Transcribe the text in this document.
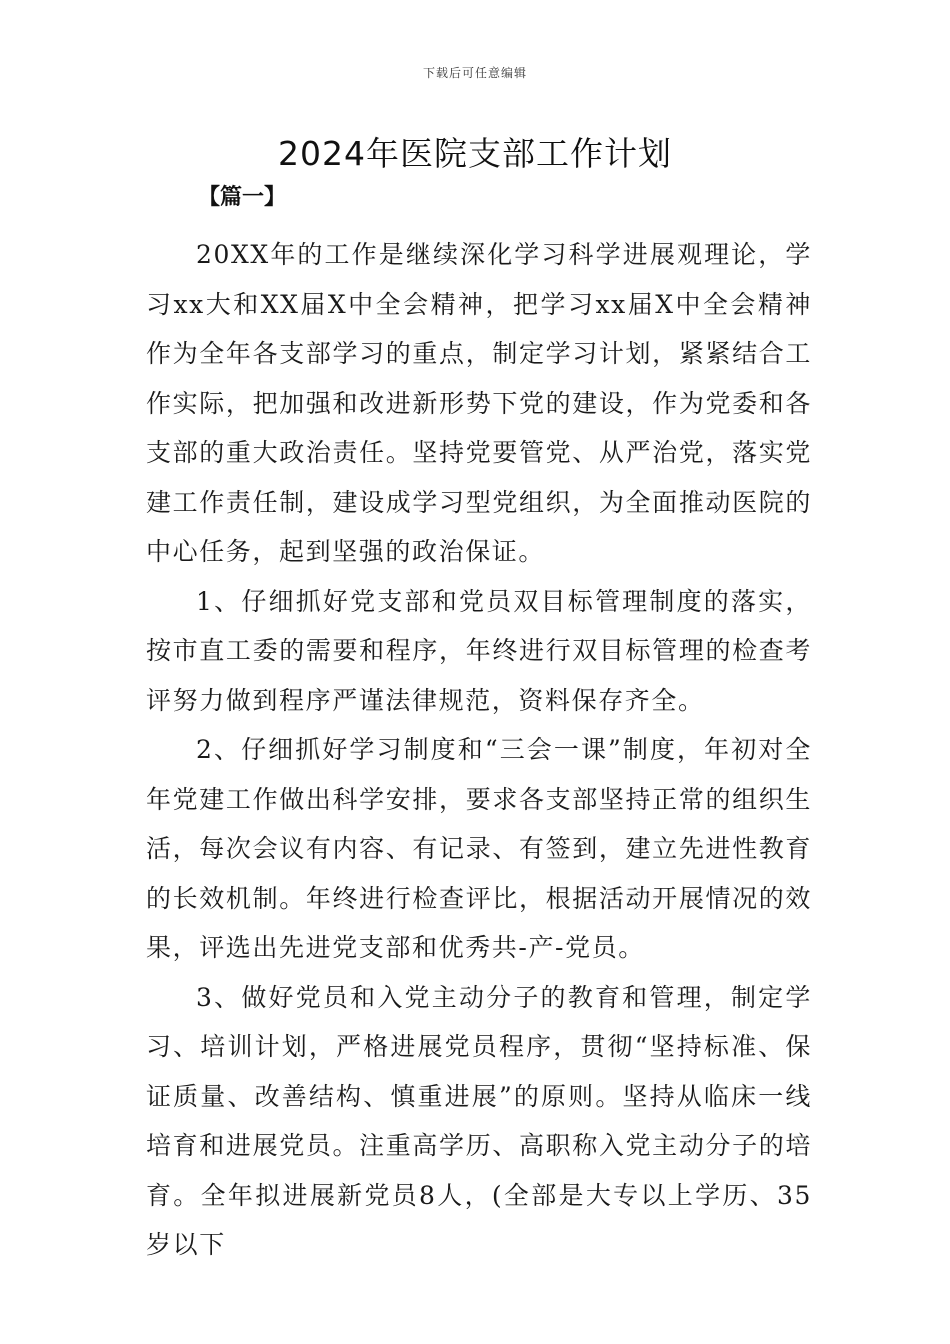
下载后可任意编辑
2024年医院支部工作计划
【篇一】

20XX年的工作是继续深化学习科学进展观理论，学习xx大和XX届X中全会精神，把学习xx届X中全会精神作为全年各支部学习的重点，制定学习计划，紧紧结合工作实际，把加强和改进新形势下党的建设，作为党委和各支部的重大政治责任。坚持党要管党、从严治党，落实党建工作责任制，建设成学习型党组织，为全面推动医院的中心任务，起到坚强的政治保证。

1、仔细抓好党支部和党员双目标管理制度的落实，按市直工委的需要和程序，年终进行双目标管理的检查考评努力做到程序严谨法律规范，资料保存齐全。

2、仔细抓好学习制度和“三会一课”制度，年初对全年党建工作做出科学安排，要求各支部坚持正常的组织生活，每次会议有内容、有记录、有签到，建立先进性教育的长效机制。年终进行检查评比，根据活动开展情况的效果，评选出先进党支部和优秀共-产-党员。

3、做好党员和入党主动分子的教育和管理，制定学习、培训计划，严格进展党员程序，贯彻“坚持标准、保证质量、改善结构、慎重进展”的原则。坚持从临床一线培育和进展党员。注重高学历、高职称入党主动分子的培育。全年拟进展新党员8人，(全部是大专以上学历、35岁以下
